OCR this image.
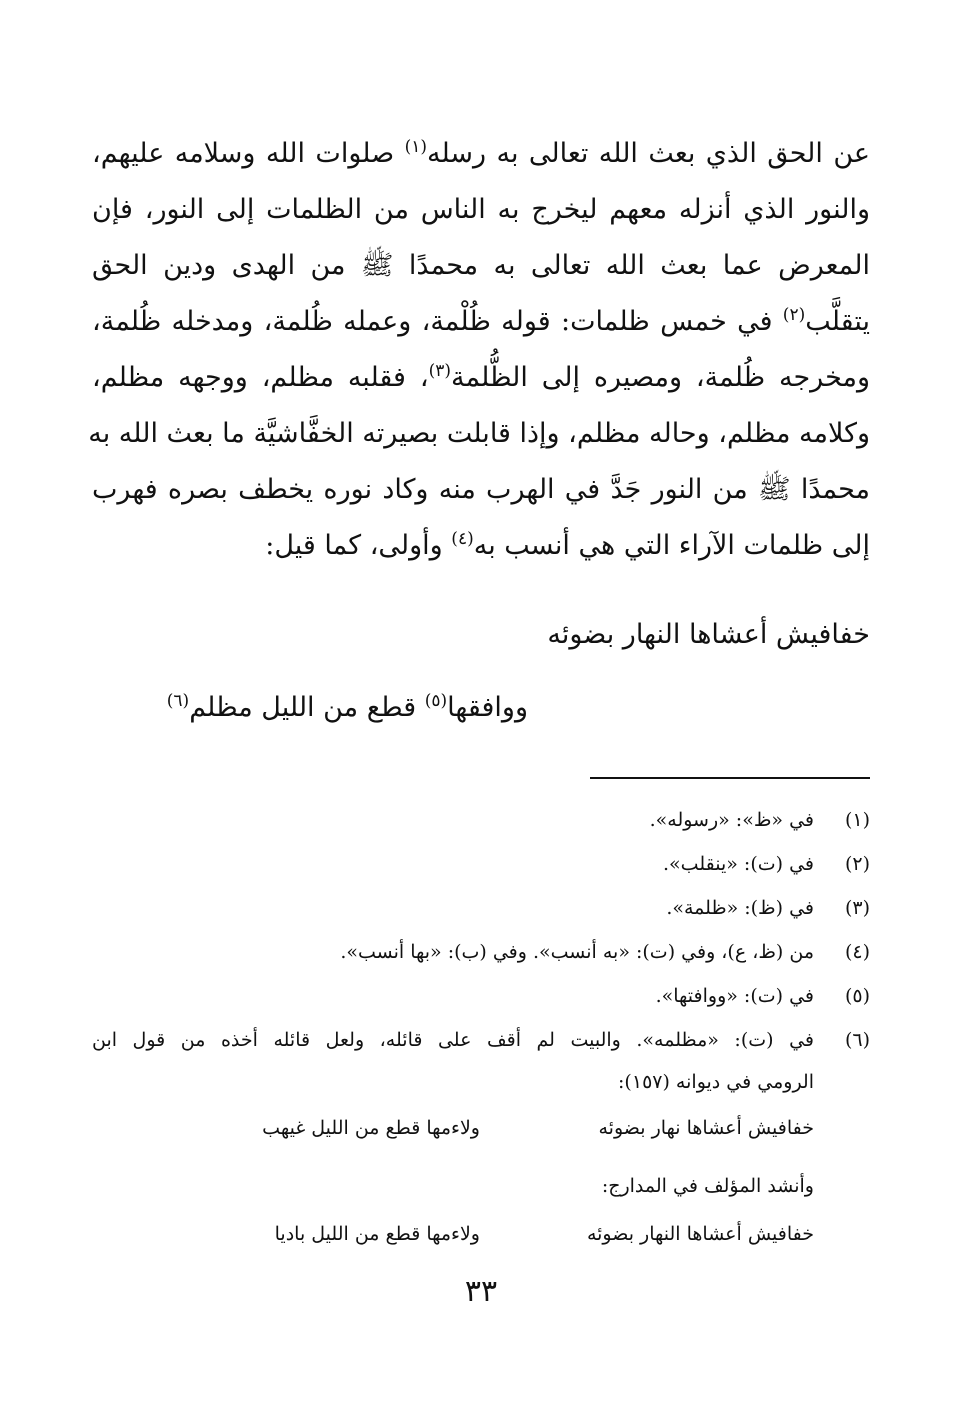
عن الحق الذي بعث الله تعالى به رسله$^{(١)}$ صلوات الله وسلامه عليهم،
والنور الذي أنزله معهم ليخرج به الناس من الظلمات إلى النور، فإن
المعرض عما بعث الله تعالى به محمدًا ﷺ من الهدى ودين الحق
يتقلَّب$^{(٢)}$ في خمس ظلمات: قوله ظُلْمة، وعمله ظُلمة، ومدخله ظُلمة،
ومخرجه ظُلمة، ومصيره إلى الظُّلمة$^{(٣)}$، فقلبه مظلم، ووجهه مظلم،
وكلامه مظلم، وحاله مظلم، وإذا قابلت بصيرته الخفَّاشيَّة ما بعث الله به
محمدًا ﷺ من النور جَدَّ في الهرب منه وكاد نوره يخطف بصره فهرب
إلى ظلمات الآراء التي هي أنسب به$^{(٤)}$ وأولى، كما قيل:
خفافيش أعشاها النهار بضوئه
ووافقها$^{(٥)}$ قطع من الليل مظلم$^{(٦)}$
(١)
في «ظ»: «رسوله».
(٢)
في (ت): «ينقلب».
(٣)
في (ظ): «ظلمة».
(٤)
من (ظ، ع)، وفي (ت): «به أنسب». وفي (ب): «بها أنسب».
(٥)
في (ت): «ووافتها».
(٦)
في (ت): «مظلمه». والبيت لم أقف على قائله، ولعل قائله أخذه من قول ابن
الرومي في ديوانه (١٥٧):
خفافيش أعشاها نهار بضوئه
ولاءمها قطع من الليل غيهب
وأنشد المؤلف في المدارج:
خفافيش أعشاها النهار بضوئه
ولاءمها قطع من الليل باديا
٣٣
